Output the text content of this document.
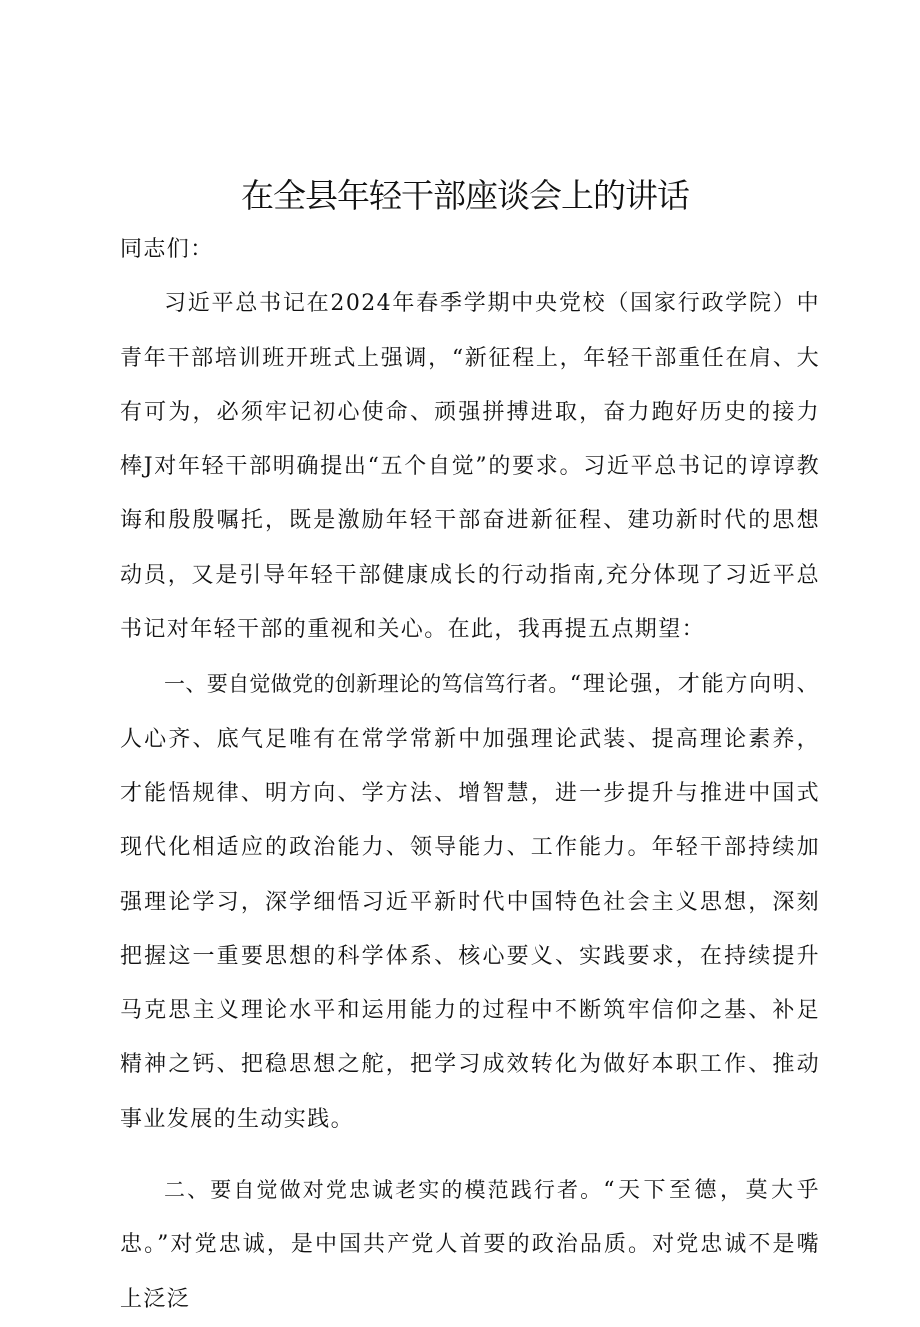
在全县年轻干部座谈会上的讲话

同志们：

习近平总书记在2024年春季学期中央党校（国家行政学院）中青年干部培训班开班式上强调，“新征程上，年轻干部重任在肩、大有可为，必须牢记初心使命、顽强拼搏进取，奋力跑好历史的接力棒J对年轻干部明确提出“五个自觉”的要求。习近平总书记的谆谆教诲和殷殷嘱托，既是激励年轻干部奋进新征程、建功新时代的思想动员，又是引导年轻干部健康成长的行动指南,充分体现了习近平总书记对年轻干部的重视和关心。在此，我再提五点期望：

一、要自觉做党的创新理论的笃信笃行者。“理论强，才能方向明、人心齐、底气足唯有在常学常新中加强理论武装、提高理论素养，才能悟规律、明方向、学方法、增智慧，进一步提升与推进中国式现代化相适应的政治能力、领导能力、工作能力。年轻干部持续加强理论学习，深学细悟习近平新时代中国特色社会主义思想，深刻把握这一重要思想的科学体系、核心要义、实践要求，在持续提升马克思主义理论水平和运用能力的过程中不断筑牢信仰之基、补足精神之钙、把稳思想之舵，把学习成效转化为做好本职工作、推动事业发展的生动实践。

二、要自觉做对党忠诚老实的模范践行者。“天下至德，莫大乎忠。”对党忠诚，是中国共产党人首要的政治品质。对党忠诚不是嘴上泛泛
